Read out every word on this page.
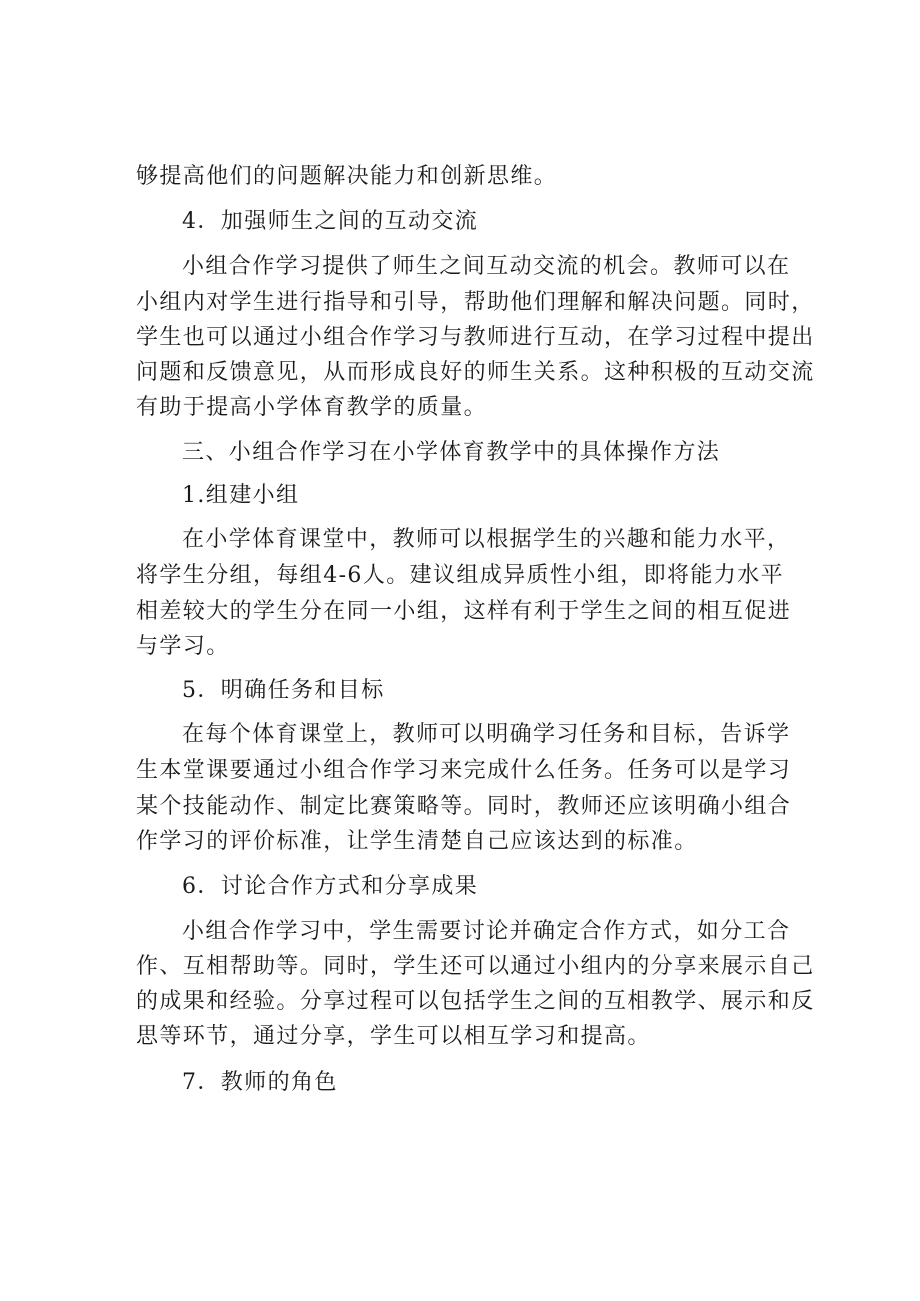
够提高他们的问题解决能力和创新思维。
4．加强师生之间的互动交流
小组合作学习提供了师生之间互动交流的机会。教师可以在
小组内对学生进行指导和引导，帮助他们理解和解决问题。同时，
学生也可以通过小组合作学习与教师进行互动，在学习过程中提出
问题和反馈意见，从而形成良好的师生关系。这种积极的互动交流
有助于提高小学体育教学的质量。
三、小组合作学习在小学体育教学中的具体操作方法
1.组建小组
在小学体育课堂中，教师可以根据学生的兴趣和能力水平，
将学生分组，每组4-6人。建议组成异质性小组，即将能力水平
相差较大的学生分在同一小组，这样有利于学生之间的相互促进
与学习。
5．明确任务和目标
在每个体育课堂上，教师可以明确学习任务和目标，告诉学
生本堂课要通过小组合作学习来完成什么任务。任务可以是学习
某个技能动作、制定比赛策略等。同时，教师还应该明确小组合
作学习的评价标准，让学生清楚自己应该达到的标准。
6．讨论合作方式和分享成果
小组合作学习中，学生需要讨论并确定合作方式，如分工合
作、互相帮助等。同时，学生还可以通过小组内的分享来展示自己
的成果和经验。分享过程可以包括学生之间的互相教学、展示和反
思等环节，通过分享，学生可以相互学习和提高。
7．教师的角色
